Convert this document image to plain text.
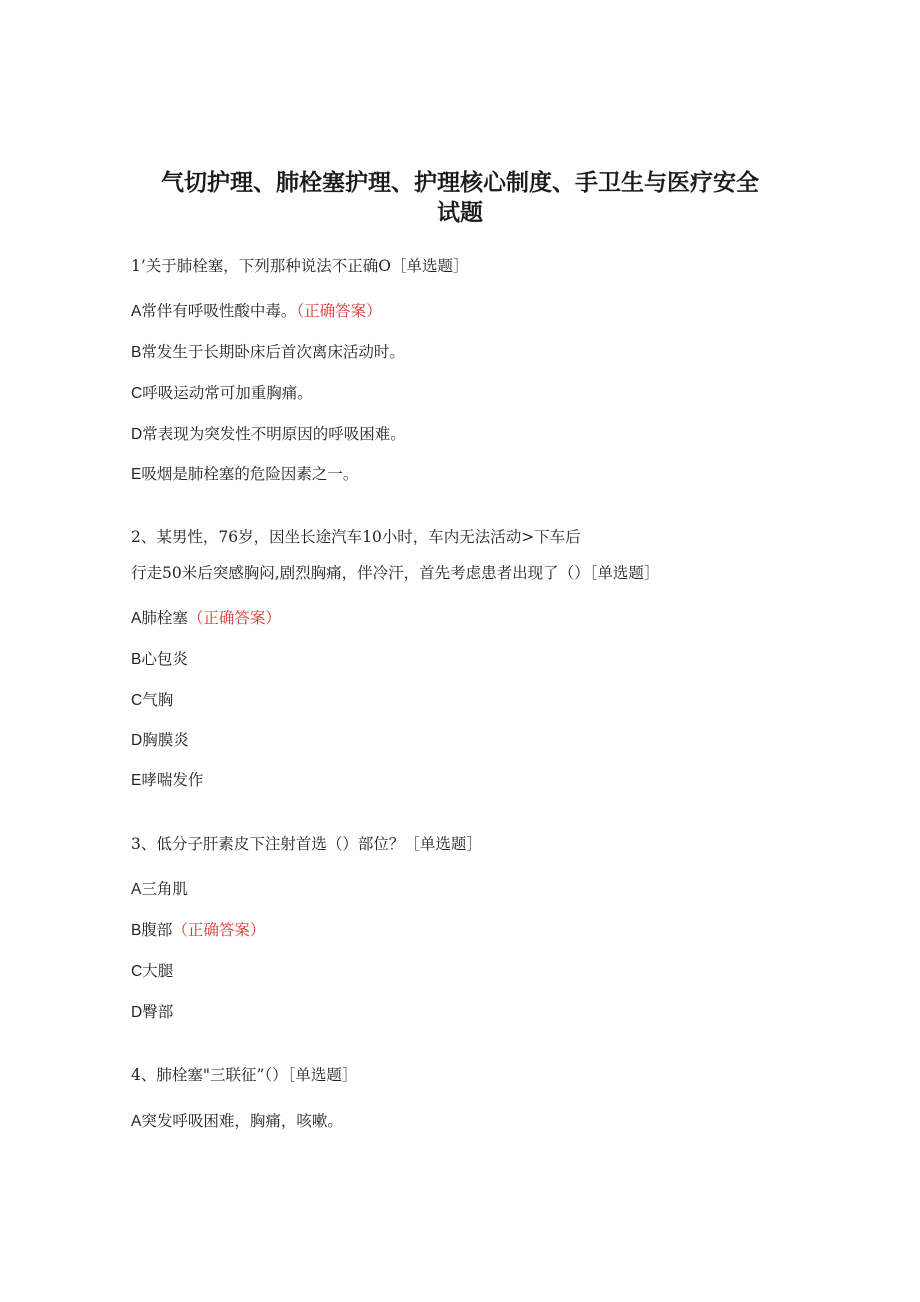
气切护理、肺栓塞护理、护理核心制度、手卫生与医疗安全
试题

1’关于肺栓塞，下列那种说法不正确O［单选题］

A常伴有呼吸性酸中毒。（正确答案）

B常发生于长期卧床后首次离床活动时。

C呼吸运动常可加重胸痛。

D常表现为突发性不明原因的呼吸困难。

E吸烟是肺栓塞的危险因素之一。

2、某男性，76岁，因坐长途汽车10小时，车内无法活动>下车后

行走50米后突感胸闷,剧烈胸痛，伴冷汗，首先考虑患者出现了（）［单选题］

A肺栓塞（正确答案）

B心包炎

C气胸

D胸膜炎

E哮喘发作

3、低分子肝素皮下注射首选（）部位？［单选题］

A三角肌

B腹部（正确答案）

C大腿

D臀部

4、肺栓塞"三联征”（）［单选题］

A突发呼吸困难，胸痛，咳嗽。
